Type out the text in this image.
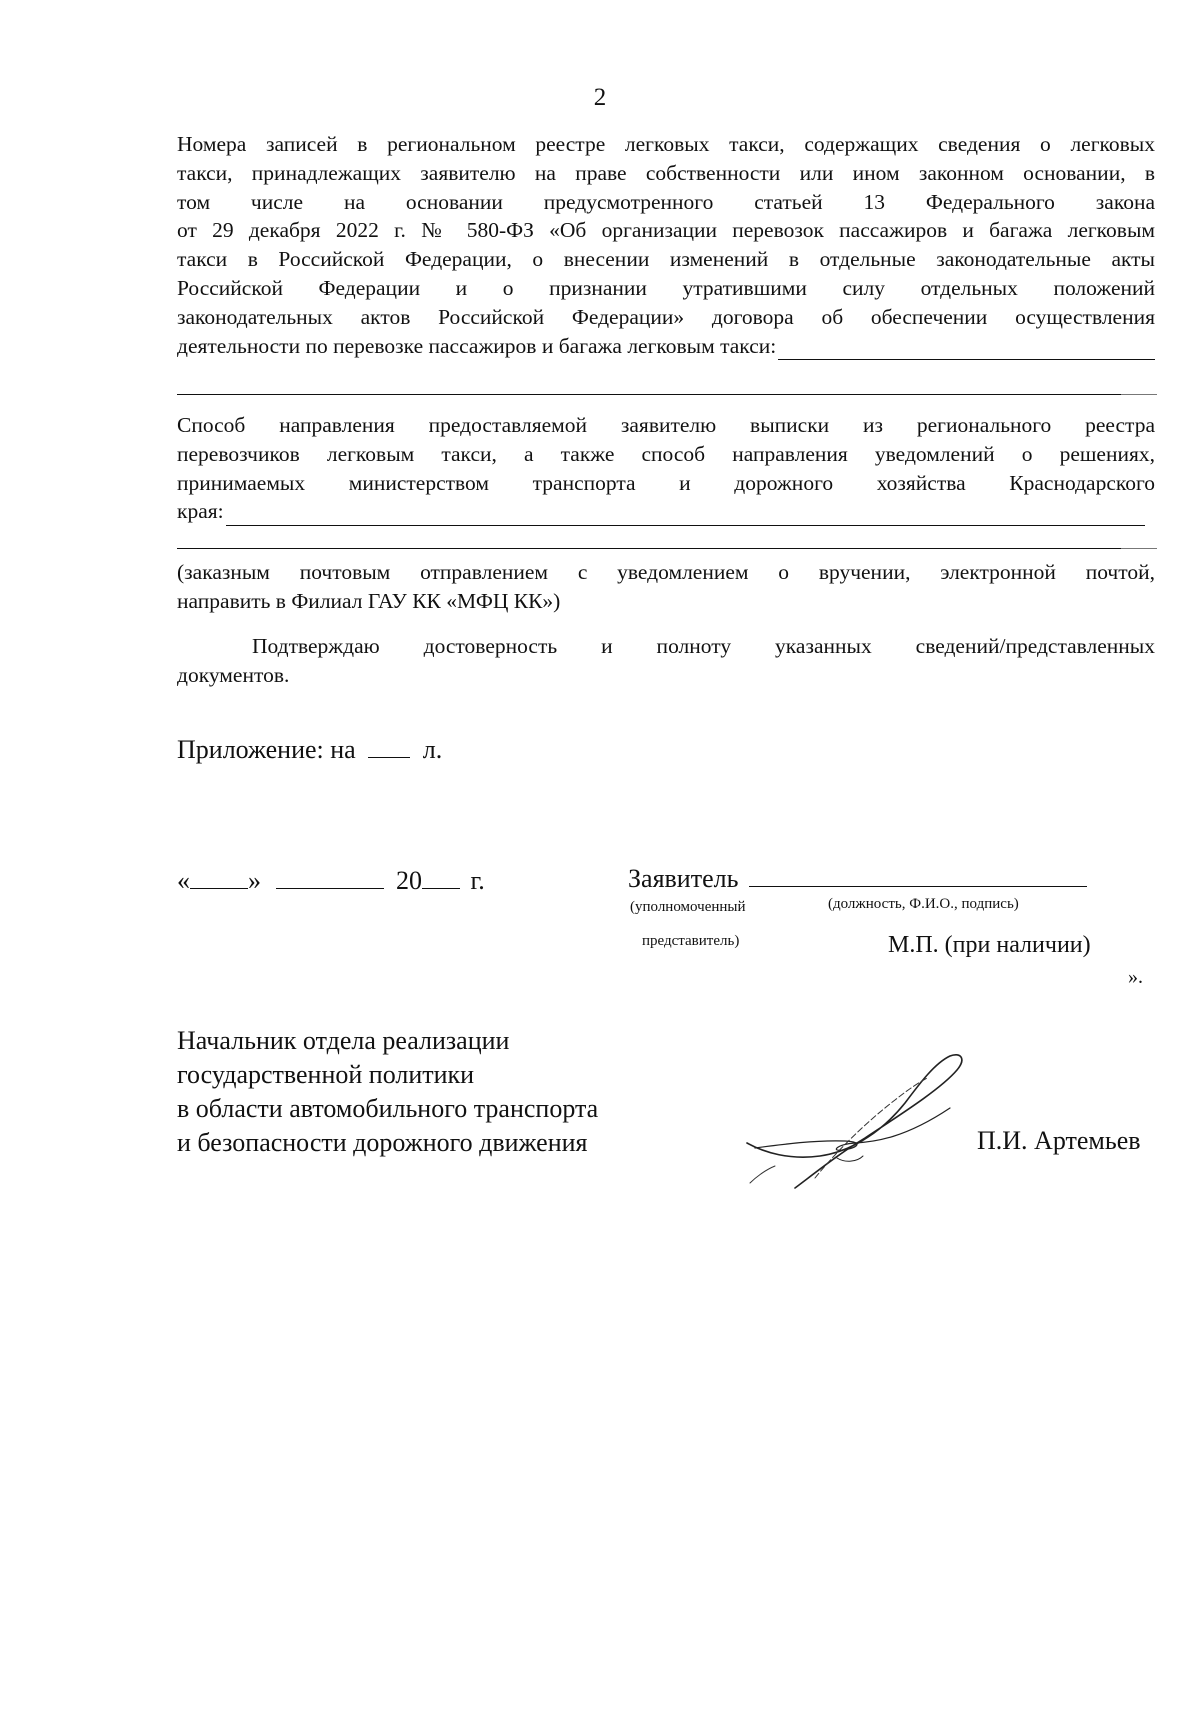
2
Номера записей в региональном реестре легковых такси, содержащих сведения о легковых
такси, принадлежащих заявителю на праве собственности или ином законном основании, в
том числе на основании предусмотренного статьей 13 Федерального закона
от 29 декабря 2022 г. № 580-ФЗ «Об организации перевозок пассажиров и багажа легковым
такси в Российской Федерации, о внесении изменений в отдельные законодательные акты
Российской Федерации и о признании утратившими силу отдельных положений
законодательных актов Российской Федерации» договора об обеспечении осуществления
деятельности по перевозке пассажиров и багажа легковым такси:
Способ направления предоставляемой заявителю выписки из регионального реестра
перевозчиков легковым такси, а также способ направления уведомлений о решениях,
принимаемых министерством транспорта и дорожного хозяйства Краснодарского
края:
(заказным почтовым отправлением с уведомлением о вручении, электронной почтой,
направить в Филиал ГАУ КК «МФЦ КК»)
Подтверждаю достоверность и полноту указанных сведений/представленных
документов.
Приложение: на	л.
« »	20 г.	Заявитель
(уполномоченный	(должность, Ф.И.О., подпись)
представитель)	М.П. (при наличии)
».
Начальник отдела реализации
государственной политики
в области автомобильного транспорта
и безопасности дорожного движения	П.И. Артемьев
